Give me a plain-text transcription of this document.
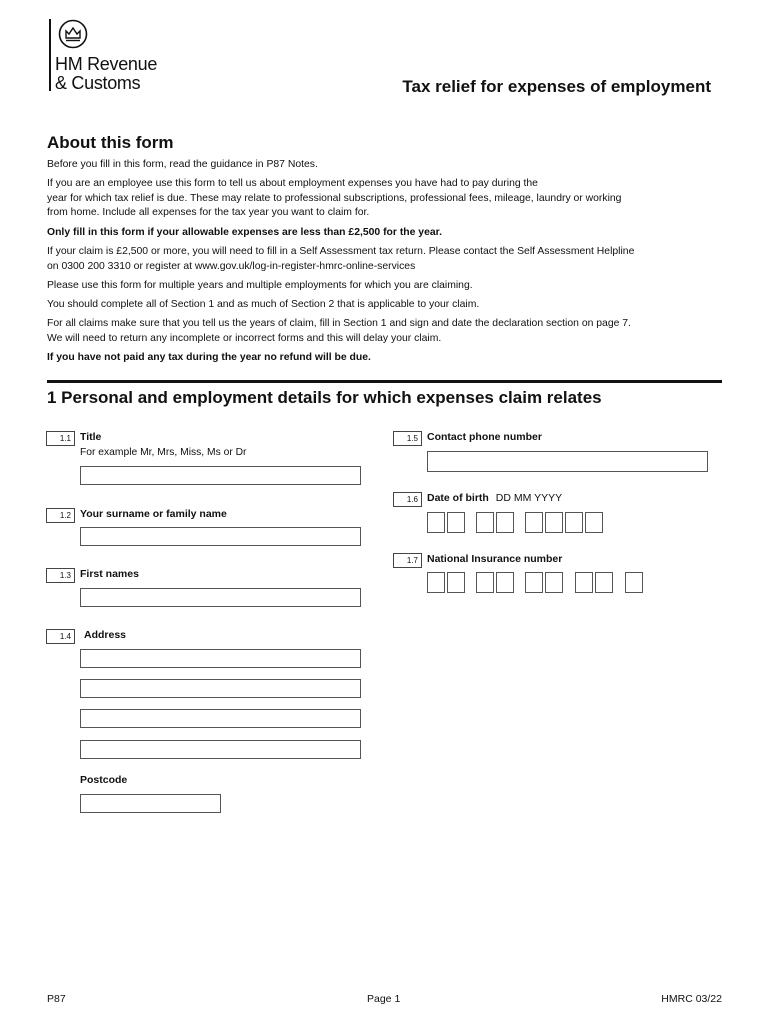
HM Revenue
& Customs	Tax relief for expenses of employment
About this form
Before you fill in this form, read the guidance in P87 Notes.
If you are an employee use this form to tell us about employment expenses you have had to pay during the
year for which tax relief is due. These may relate to professional subscriptions, professional fees, mileage, laundry or working
from home. Include all expenses for the tax year you want to claim for.
Only fill in this form if your allowable expenses are less than £2,500 for the year.
If your claim is £2,500 or more, you will need to fill in a Self Assessment tax return. Please contact the Self Assessment Helpline
on 0300 200 3310 or register at www.gov.uk/log-in-register-hmrc-online-services
Please use this form for multiple years and multiple employments for which you are claiming.
You should complete all of Section 1 and as much of Section 2 that is applicable to your claim.
For all claims make sure that you tell us the years of claim, fill in Section 1 and sign and date the declaration section on page 7.
We will need to return any incomplete or incorrect forms and this will delay your claim.
If you have not paid any tax during the year no refund will be due.
1 Personal and employment details for which expenses claim relates
1.1 Title
For example Mr, Mrs, Miss, Ms or Dr
1.2 Your surname or family name
1.3 First names
1.4	Address
Postcode
1.5 Contact phone number
1.6 Date of birth DD MM YYYY
1.7 National Insurance number
P87	Page 1	HMRC 03/22
